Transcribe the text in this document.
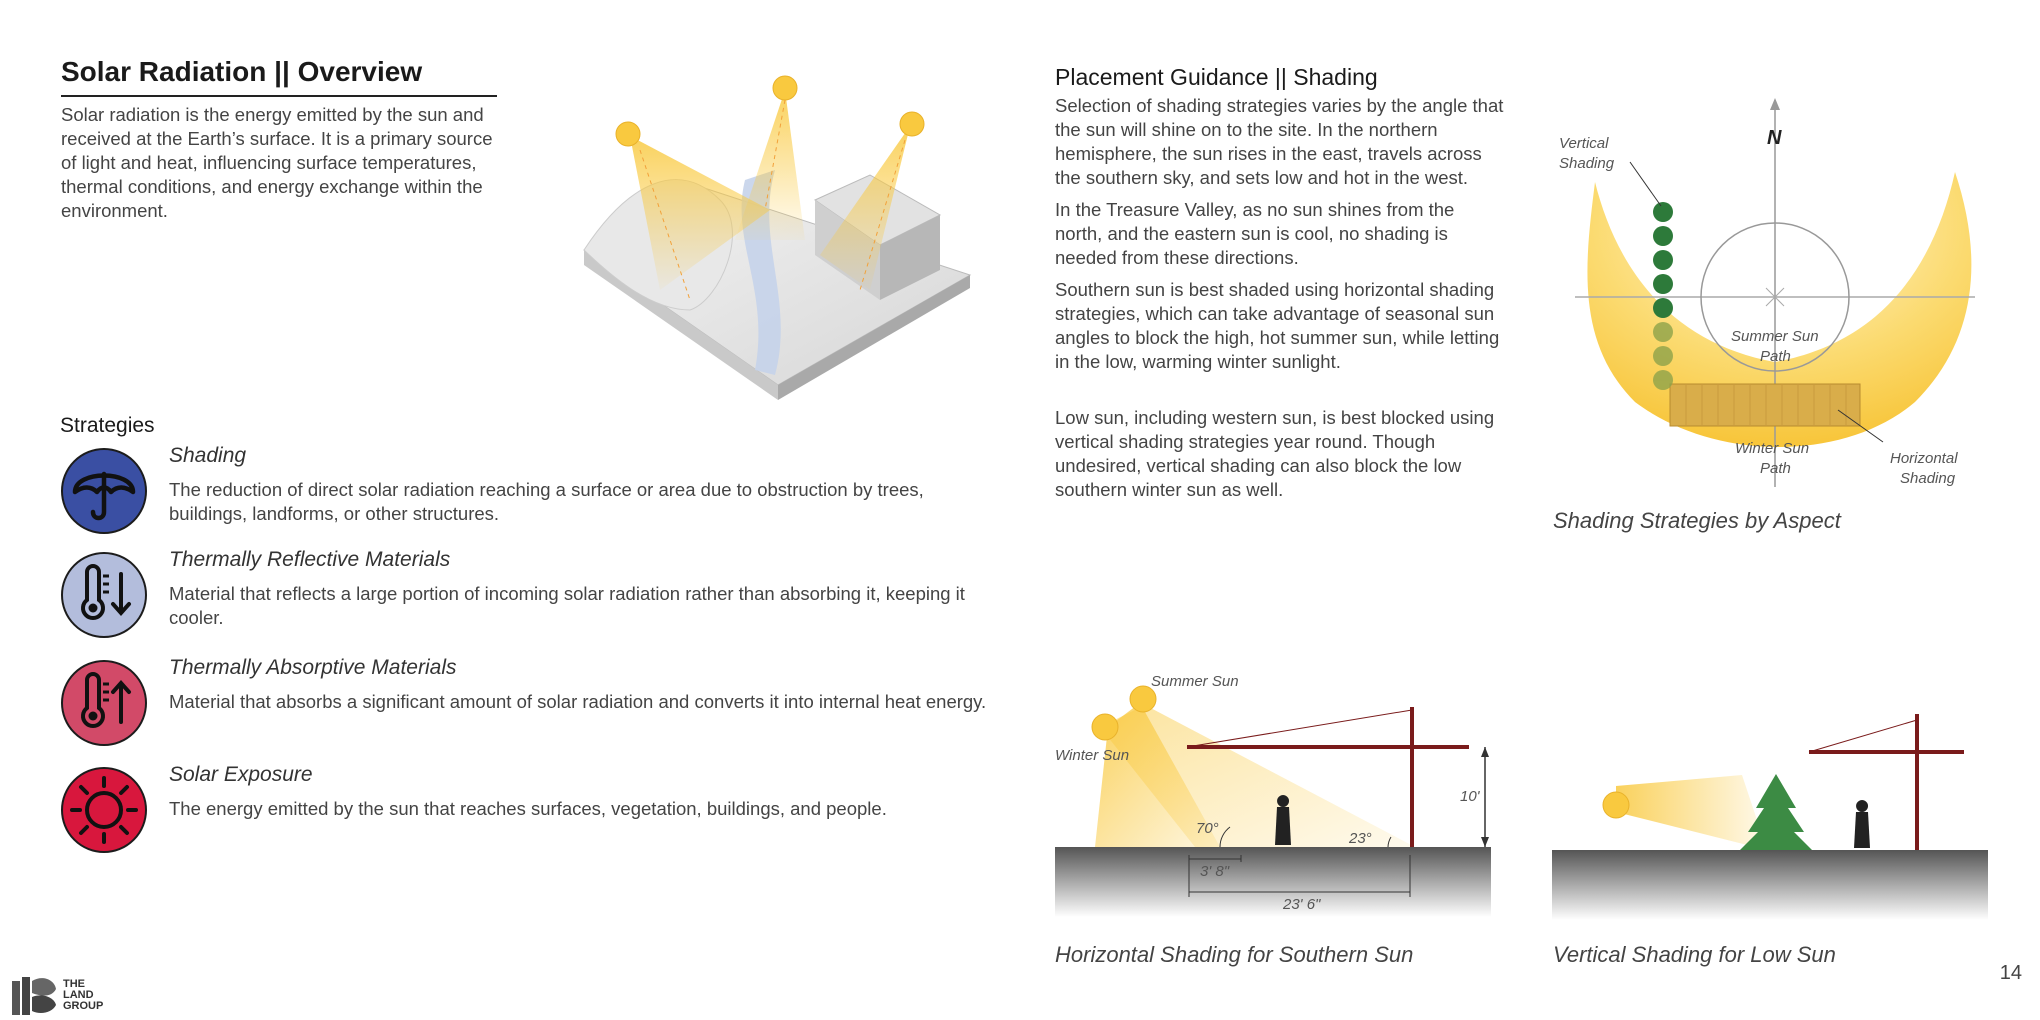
Solar Radiation || Overview
Solar radiation is the energy emitted by the sun and received at the Earth’s surface. It is a primary source of light and heat, influencing surface temperatures, thermal conditions, and energy exchange within the environment.
Strategies
Shading
The reduction of direct solar radiation reaching a surface or area due to obstruction by trees, buildings, landforms, or other structures.
Thermally Reflective Materials
Material that reflects a large portion of incoming solar radiation rather than absorbing it, keeping it cooler.
Thermally Absorptive Materials
Material that absorbs a significant amount of solar radiation and converts it into internal heat energy.
Solar Exposure
The energy emitted by the sun that reaches surfaces, vegetation, buildings, and people.
Placement Guidance || Shading
Selection of shading strategies varies by the angle that the sun will shine on to the site. In the northern hemisphere, the sun rises in the east, travels across the southern sky, and sets low and hot in the west.
In the Treasure Valley, as no sun shines from the north, and the eastern sun is cool, no shading is needed from these directions.
Southern sun is best shaded using horizontal shading strategies, which can take advantage of seasonal sun angles to block the high, hot summer sun, while letting in the low, warming winter sunlight.
Low sun, including western sun, is best blocked using vertical shading strategies year round. Though undesired, vertical shading can also block the low southern winter sun as well.
N
Vertical
Shading
Summer Sun
Path
Winter Sun
Path
Horizontal
Shading
Shading Strategies by Aspect
Summer Sun
Winter Sun
70°
23°
10'
3' 8"
23' 6"
Horizontal Shading for Southern Sun	Vertical Shading for Low Sun
THE
LAND
GROUP
14
